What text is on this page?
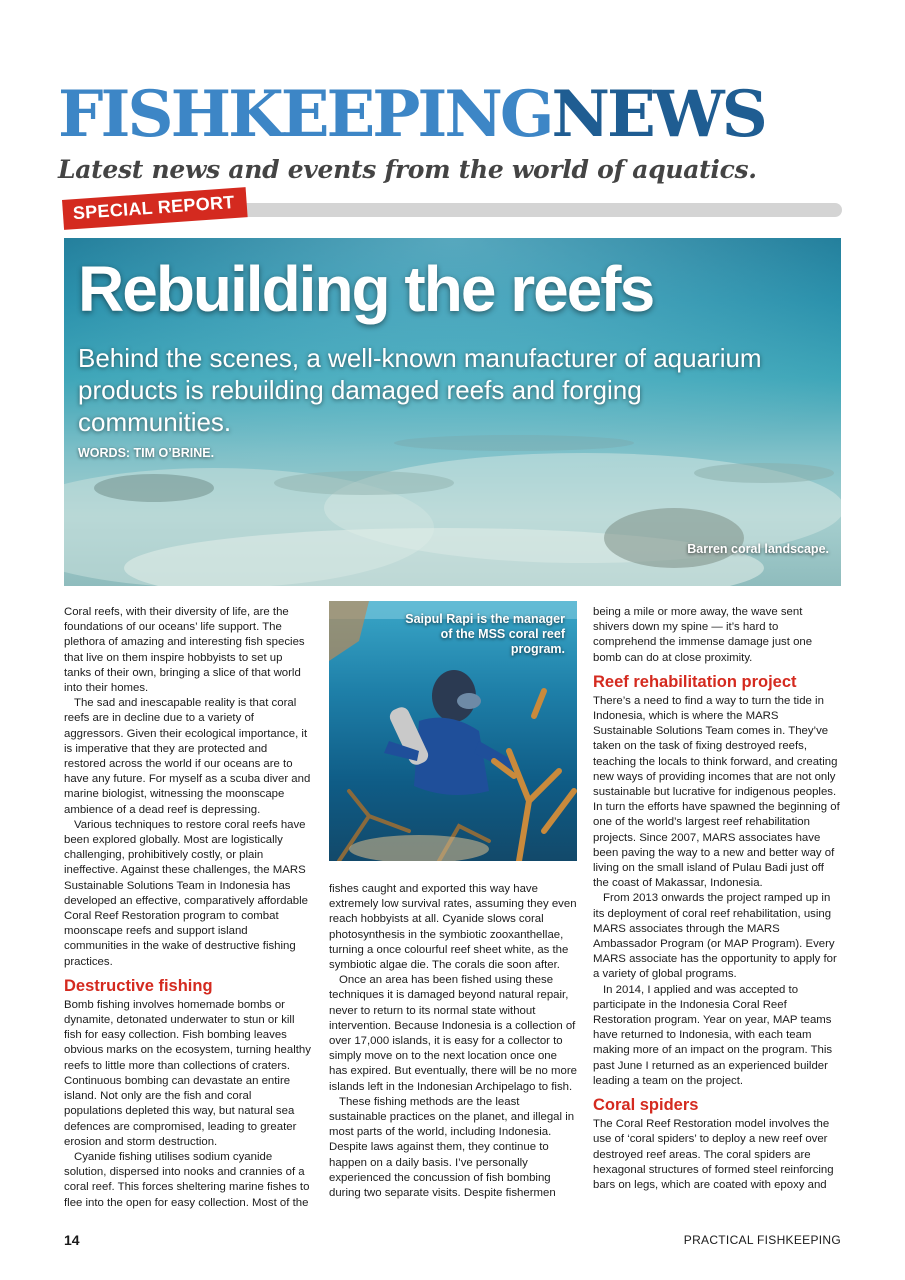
FISHKEEPINGNEWS
Latest news and events from the world of aquatics.
SPECIAL REPORT
Rebuilding the reefs
Behind the scenes, a well-known manufacturer of aquarium products is rebuilding damaged reefs and forging communities.
WORDS: TIM O’BRINE.
Barren coral landscape.

Coral reefs, with their diversity of life, are the foundations of our oceans’ life support. The plethora of amazing and interesting fish species that live on them inspire hobbyists to set up tanks of their own, bringing a slice of that world into their homes.

The sad and inescapable reality is that coral reefs are in decline due to a variety of aggressors. Given their ecological importance, it is imperative that they are protected and restored across the world if our oceans are to have any future. For myself as a scuba diver and marine biologist, witnessing the moonscape ambience of a dead reef is depressing.

Various techniques to restore coral reefs have been explored globally. Most are logistically challenging, prohibitively costly, or plain ineffective. Against these challenges, the MARS Sustainable Solutions Team in Indonesia has developed an effective, comparatively affordable Coral Reef Restoration program to combat moonscape reefs and support island communities in the wake of destructive fishing practices.

Destructive fishing

Bomb fishing involves homemade bombs or dynamite, detonated underwater to stun or kill fish for easy collection. Fish bombing leaves obvious marks on the ecosystem, turning healthy reefs to little more than collections of craters. Continuous bombing can devastate an entire island. Not only are the fish and coral populations depleted this way, but natural sea defences are compromised, leading to greater erosion and storm destruction.

Cyanide fishing utilises sodium cyanide solution, dispersed into nooks and crannies of a coral reef. This forces sheltering marine fishes to flee into the open for easy collection. Most of the

Saipul Rapi is the manager of the MSS coral reef program.

fishes caught and exported this way have extremely low survival rates, assuming they even reach hobbyists at all. Cyanide slows coral photosynthesis in the symbiotic zooxanthellae, turning a once colourful reef sheet white, as the symbiotic algae die. The corals die soon after.

Once an area has been fished using these techniques it is damaged beyond natural repair, never to return to its normal state without intervention. Because Indonesia is a collection of over 17,000 islands, it is easy for a collector to simply move on to the next location once one has expired. But eventually, there will be no more islands left in the Indonesian Archipelago to fish.

These fishing methods are the least sustainable practices on the planet, and illegal in most parts of the world, including Indonesia. Despite laws against them, they continue to happen on a daily basis. I’ve personally experienced the concussion of fish bombing during two separate visits. Despite fishermen

being a mile or more away, the wave sent shivers down my spine — it’s hard to comprehend the immense damage just one bomb can do at close proximity.

Reef rehabilitation project

There’s a need to find a way to turn the tide in Indonesia, which is where the MARS Sustainable Solutions Team comes in. They’ve taken on the task of fixing destroyed reefs, teaching the locals to think forward, and creating new ways of providing incomes that are not only sustainable but lucrative for indigenous peoples. In turn the efforts have spawned the beginning of one of the world’s largest reef rehabilitation projects. Since 2007, MARS associates have been paving the way to a new and better way of living on the small island of Pulau Badi just off the coast of Makassar, Indonesia.

From 2013 onwards the project ramped up in its deployment of coral reef rehabilitation, using MARS associates through the MARS Ambassador Program (or MAP Program). Every MARS associate has the opportunity to apply for a variety of global programs.

In 2014, I applied and was accepted to participate in the Indonesia Coral Reef Restoration program. Year on year, MAP teams have returned to Indonesia, with each team making more of an impact on the program. This past June I returned as an experienced builder leading a team on the project.

Coral spiders

The Coral Reef Restoration model involves the use of ‘coral spiders’ to deploy a new reef over destroyed reef areas. The coral spiders are hexagonal structures of formed steel reinforcing bars on legs, which are coated with epoxy and

14	PRACTICAL FISHKEEPING
